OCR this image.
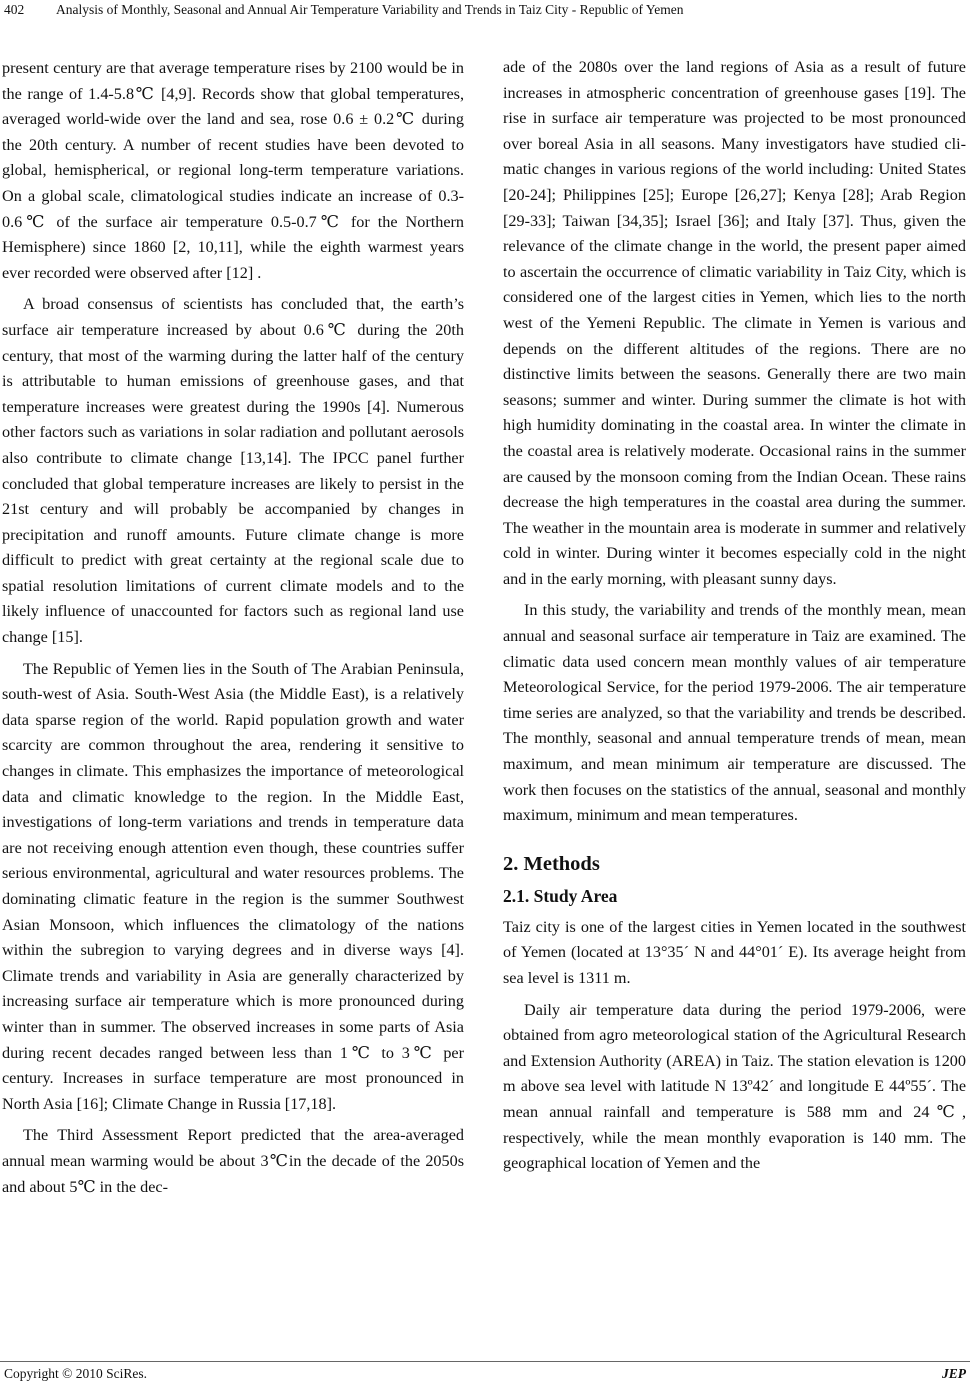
402 Analysis of Monthly, Seasonal and Annual Air Temperature Variability and Trends in Taiz City - Republic of Yemen

present century are that average temperature rises by 2100 would be in the range of 1.4-5.8℃ [4,9]. Records show that global temperatures, averaged world-wide over the land and sea, rose 0.6 ± 0.2℃ during the 20th century. A number of recent studies have been devoted to global, hemispherical, or regional long-term temperature variations. On a global scale, climatological studies indicate an increase of 0.3-0.6℃ of the surface air temperature 0.5-0.7℃ for the Northern Hemisphere) since 1860 [2, 10,11], while the eighth warmest years ever recorded were observed after [12] .

A broad consensus of scientists has concluded that, the earth’s surface air temperature increased by about 0.6℃ during the 20th century, that most of the warming during the latter half of the century is attributable to human emissions of greenhouse gases, and that temperature increases were greatest during the 1990s [4]. Numerous other factors such as variations in solar radiation and pollutant aerosols also contribute to climate change [13,14]. The IPCC panel further concluded that global temperature increases are likely to persist in the 21st century and will probably be accompanied by changes in precipitation and runoff amounts. Future climate change is more difficult to predict with great certainty at the regional scale due to spatial resolution limitations of current climate models and to the likely influence of unaccounted for factors such as regional land use change [15].

The Republic of Yemen lies in the South of The Arabian Peninsula, south-west of Asia. South-West Asia (the Middle East), is a relatively data sparse region of the world. Rapid population growth and water scarcity are common throughout the area, rendering it sensitive to changes in climate. This emphasizes the importance of meteorological data and climatic knowledge to the region. In the Middle East, investigations of long-term variations and trends in temperature data are not receiving enough attention even though, these countries suffer serious environmental, agricultural and water resources problems. The dominating climatic feature in the region is the summer Southwest Asian Monsoon, which influences the climatology of the nations within the subregion to varying degrees and in diverse ways [4]. Climate trends and variability in Asia are generally characterized by increasing surface air temperature which is more pronounced during winter than in summer. The observed increases in some parts of Asia during recent decades ranged between less than 1℃ to 3℃ per century. Increases in surface temperature are most pronounced in North Asia [16]; Climate Change in Russia [17,18].

The Third Assessment Report predicted that the area-averaged annual mean warming would be about 3℃in the decade of the 2050s and about 5℃ in the dec-

ade of the 2080s over the land regions of Asia as a result of future increases in atmospheric concentration of greenhouse gases [19]. The rise in surface air temperature was projected to be most pronounced over boreal Asia in all seasons. Many investigators have studied climatic changes in various regions of the world including: United States [20-24]; Philippines [25]; Europe [26,27]; Kenya [28]; Arab Region [29-33]; Taiwan [34,35]; Israel [36]; and Italy [37]. Thus, given the relevance of the climate change in the world, the present paper aimed to ascertain the occurrence of climatic variability in Taiz City, which is considered one of the largest cities in Yemen, which lies to the north west of the Yemeni Republic. The climate in Yemen is various and depends on the different altitudes of the regions. There are no distinctive limits between the seasons. Generally there are two main seasons; summer and winter. During summer the climate is hot with high humidity dominating in the coastal area. In winter the climate in the coastal area is relatively moderate. Occasional rains in the summer are caused by the monsoon coming from the Indian Ocean. These rains decrease the high temperatures in the coastal area during the summer. The weather in the mountain area is moderate in summer and relatively cold in winter. During winter it becomes especially cold in the night and in the early morning, with pleasant sunny days.

In this study, the variability and trends of the monthly mean, mean annual and seasonal surface air temperature in Taiz are examined. The climatic data used concern mean monthly values of air temperature Meteorological Service, for the period 1979-2006. The air temperature time series are analyzed, so that the variability and trends be described. The monthly, seasonal and annual temperature trends of mean, mean maximum, and mean minimum air temperature are discussed. The work then focuses on the statistics of the annual, seasonal and monthly maximum, minimum and mean temperatures.

2. Methods
2.1. Study Area

Taiz city is one of the largest cities in Yemen located in the southwest of Yemen (located at 13°35´ N and 44°01´ E). Its average height from sea level is 1311 m.

Daily air temperature data during the period 1979-2006, were obtained from agro meteorological station of the Agricultural Research and Extension Authority (AREA) in Taiz. The station elevation is 1200 m above sea level with latitude N 13º42´ and longitude E 44º55´. The mean annual rainfall and temperature is 588 mm and 24℃, respectively, while the mean monthly evaporation is 140 mm. The geographical location of Yemen and the

Copyright © 2010 SciRes.	JEP
